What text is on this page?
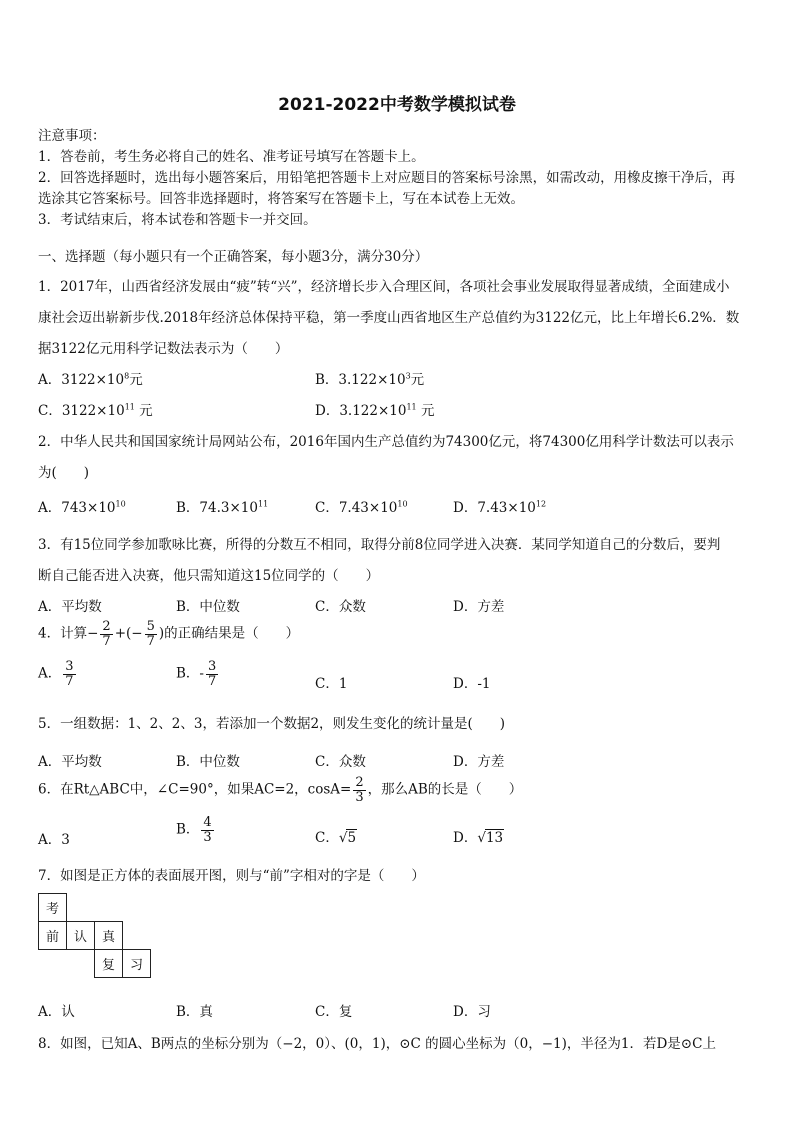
2021-2022中考数学模拟试卷
注意事项：
1．答卷前，考生务必将自己的姓名、准考证号填写在答题卡上。
2．回答选择题时，选出每小题答案后，用铅笔把答题卡上对应题目的答案标号涂黑，如需改动，用橡皮擦干净后，再
选涂其它答案标号。回答非选择题时，将答案写在答题卡上，写在本试卷上无效。
3．考试结束后，将本试卷和答题卡一并交回。
一、选择题（每小题只有一个正确答案，每小题3分，满分30分）
1．2017年，山西省经济发展由“疲”转“兴”，经济增长步入合理区间，各项社会事业发展取得显著成绩，全面建成小
康社会迈出崭新步伐.2018年经济总体保持平稳，第一季度山西省地区生产总值约为3122亿元，比上年增长6.2%．数
据3122亿元用科学记数法表示为（　　）
A．$3122\times 10^8$元	B．$3.122\times 10^3$元
C．$3122\times 10^{11}$ 元	D．$3.122\times 10^{11}$ 元
2．中华人民共和国国家统计局网站公布，2016年国内生产总值约为74300亿元，将74300亿用科学计数法可以表示
为(　　)
A．$743\times 10^{10}$	B．$74.3\times 10^{11}$	C．$7.43\times 10^{10}$	D．$7.43\times 10^{12}$
3．有15位同学参加歌咏比赛，所得的分数互不相同，取得分前8位同学进入决赛．某同学知道自己的分数后，要判
断自己能否进入决赛，他只需知道这15位同学的（　　）
A．平均数	B．中位数	C．众数	D．方差
4．计算− $\frac{2}{7}$ +(− $\frac{5}{7}$ )的正确结果是（　　）
A． $\frac{3}{7}$	B．- $\frac{3}{7}$	C．1	D．-1
5．一组数据：1、2、2、3，若添加一个数据2，则发生变化的统计量是(　　)
A．平均数	B．中位数	C．众数	D．方差
6．在Rt△ABC中，∠C=90°，如果AC=2，$\cos A= \frac{2}{3}$ ，那么AB的长是（　　）
A．3
B． $\frac{4}{3}$	C．√5	D．√13
7．如图是正方体的表面展开图，则与“前”字相对的字是（　　）
考
前	认	真
复	习
A．认	B．真	C．复	D．习
8．如图，已知A、B两点的坐标分别为（−2，0）、(0，1)，⊙C 的圆心坐标为（0，−1)，半径为1．若D是⊙C上
